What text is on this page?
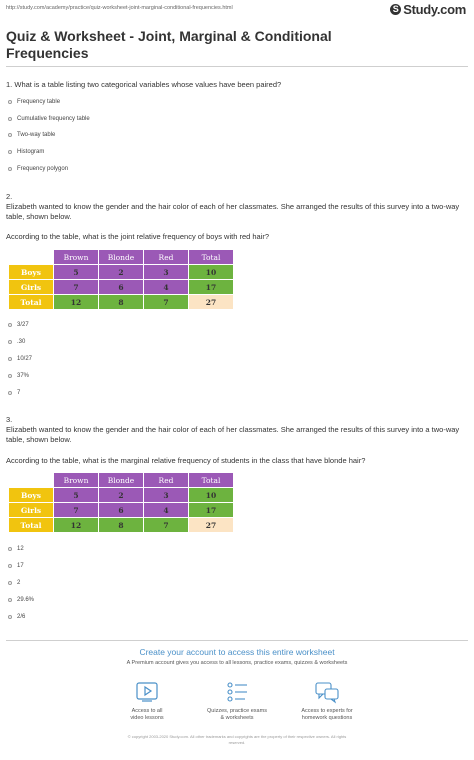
http://study.com/academy/practice/quiz-worksheet-joint-marginal-conditional-frequencies.html	S Study.com
Quiz & Worksheet - Joint, Marginal & Conditional Frequencies
1. What is a table listing two categorical variables whose values have been paired?
Frequency table
Cumulative frequency table
Two-way table
Histogram
Frequency polygon
2.
Elizabeth wanted to know the gender and the hair color of each of her classmates. She arranged the results of this survey into a two-way table, shown below.
According to the table, what is the joint relative frequency of boys with red hair?
	Brown	Blonde	Red	Total
Boys	5	2	3	10
Girls	7	6	4	17
Total	12	8	7	27
3/27
.30
10/27
37%
7
3.
Elizabeth wanted to know the gender and the hair color of each of her classmates. She arranged the results of this survey into a two-way table, shown below.
According to the table, what is the marginal relative frequency of students in the class that have blonde hair?
	Brown	Blonde	Red	Total
Boys	5	2	3	10
Girls	7	6	4	17
Total	12	8	7	27
12
17
2
29.6%
2/6
Create your account to access this entire worksheet
A Premium account gives you access to all lessons, practice exams, quizzes & worksheets
Access to all
video lessons
Quizzes, practice exams
& worksheets
Access to experts for
homework questions
© copyright 2003-2020 Study.com. All other trademarks and copyrights are the property of their respective owners. All rights
reserved.
